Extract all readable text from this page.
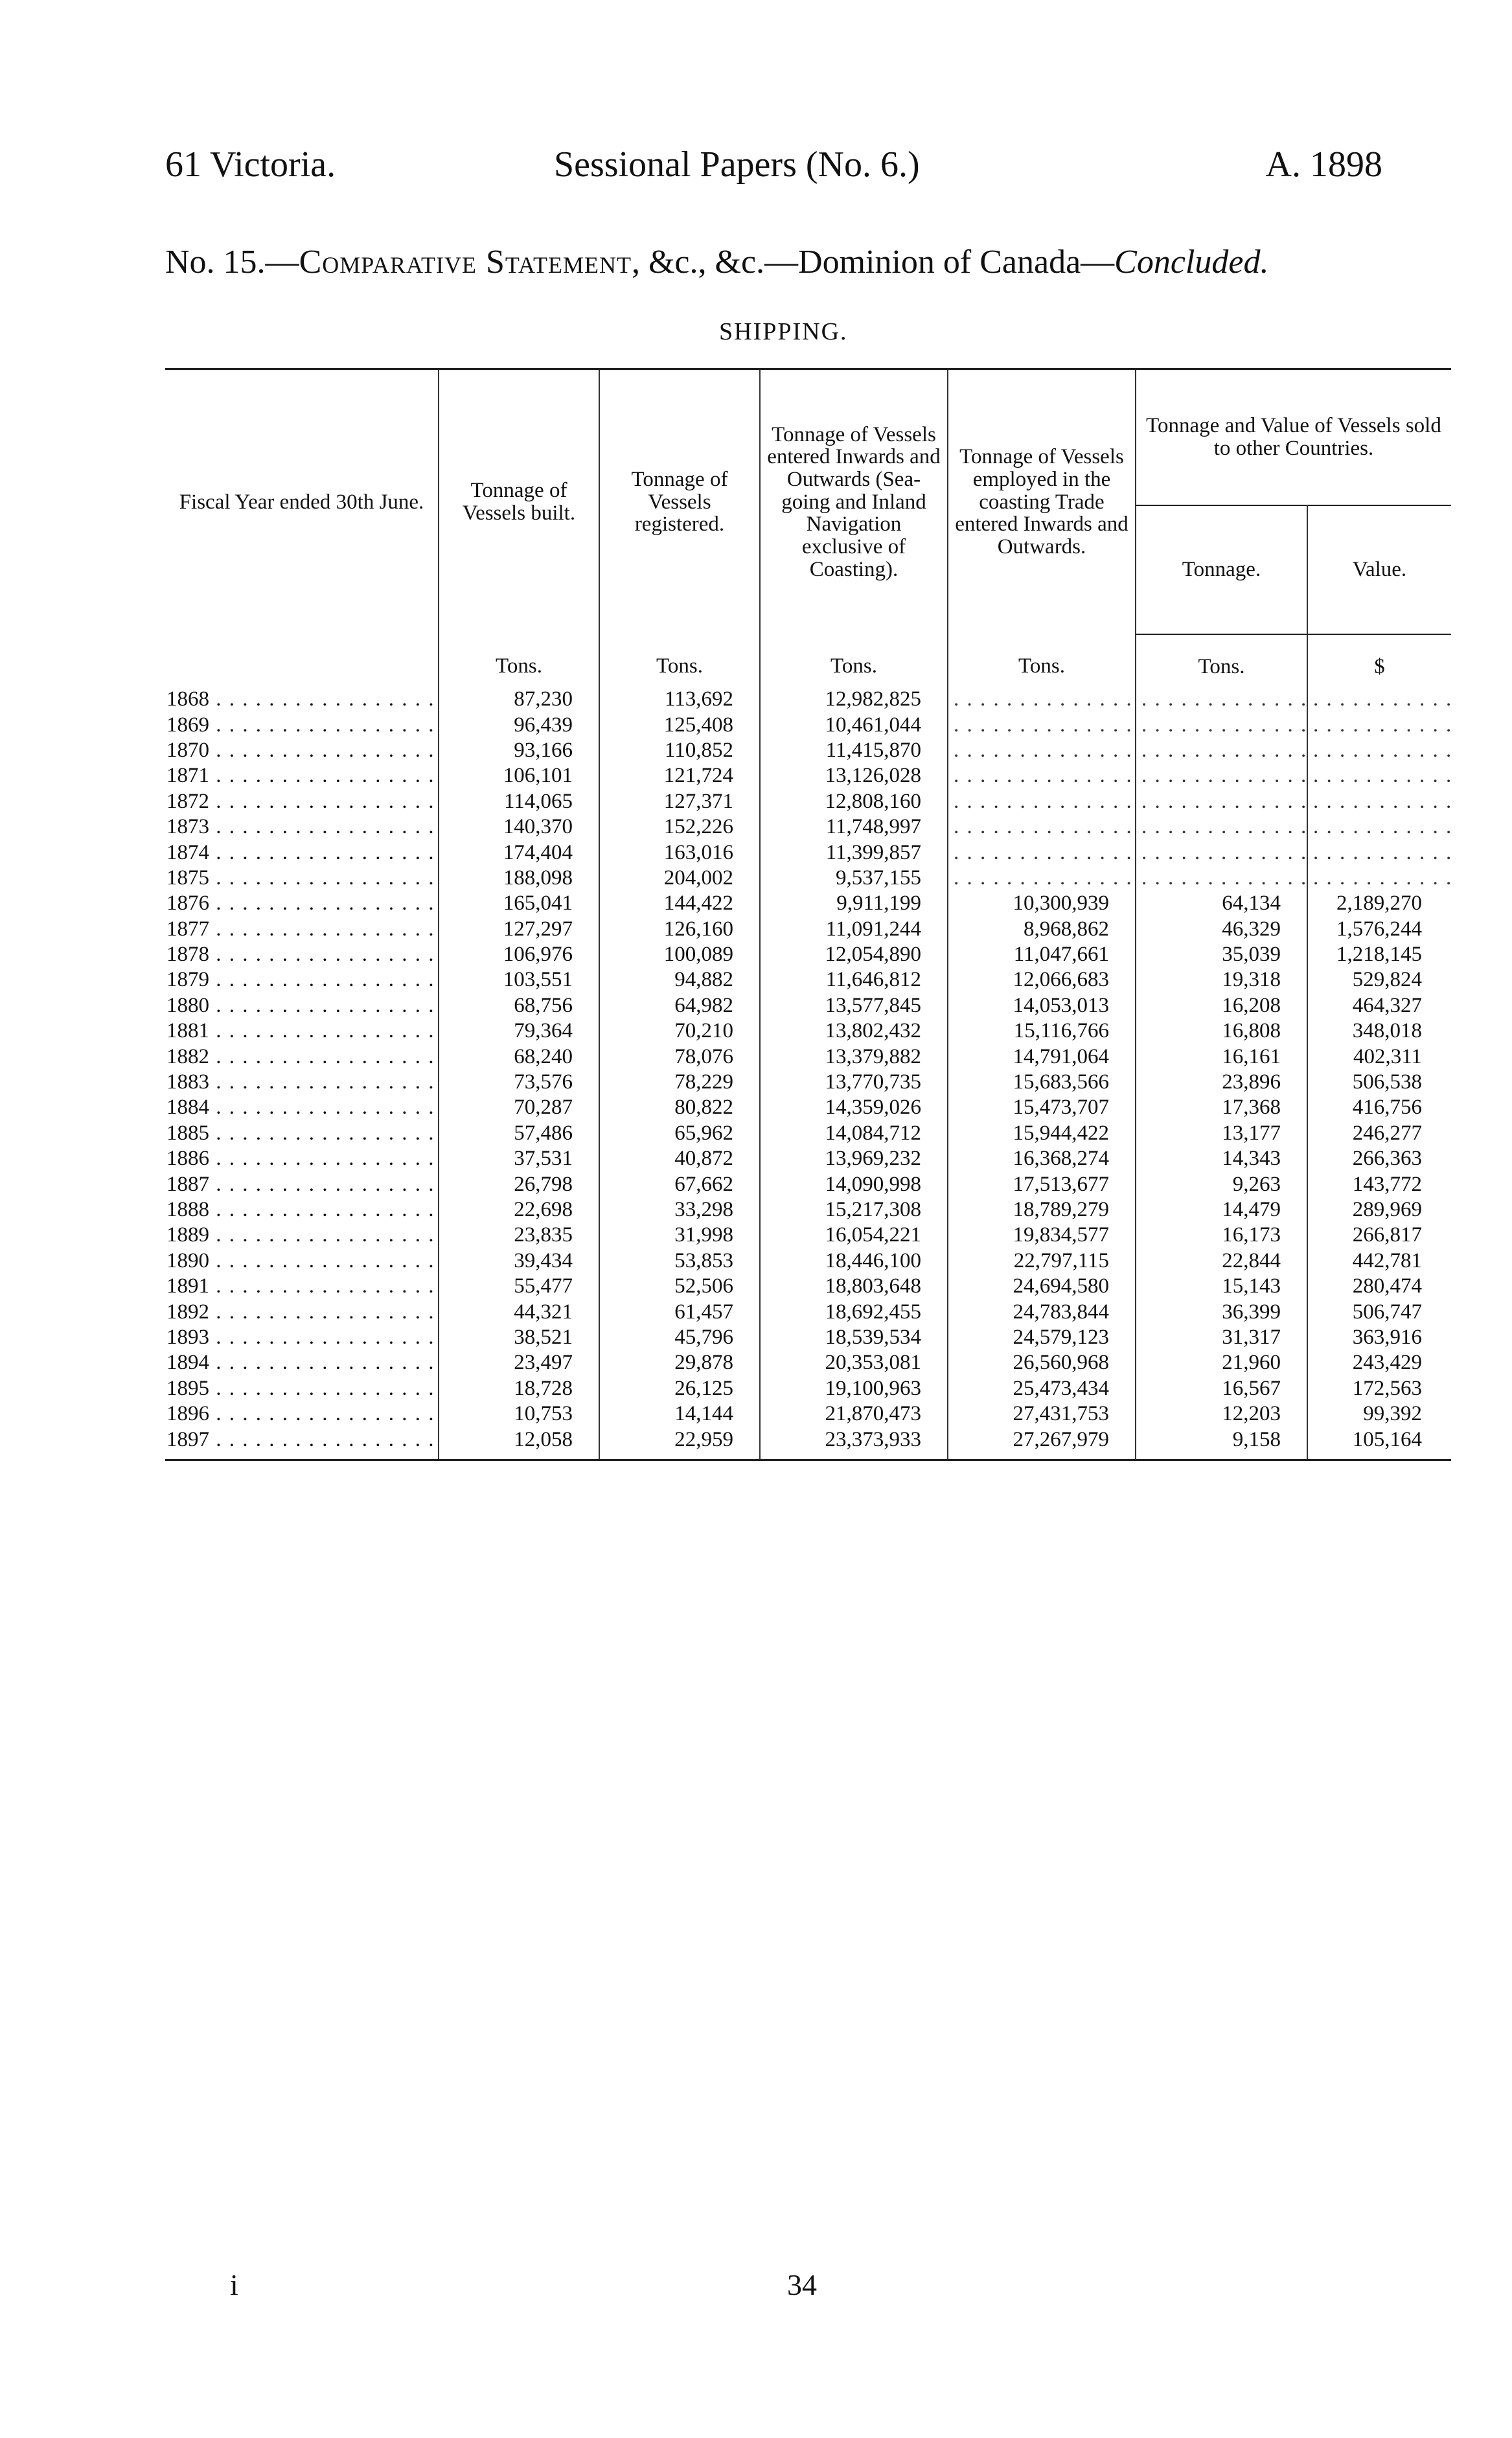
61 Victoria.	Sessional Papers (No. 6.)	A. 1898
No. 15.—Comparative Statement, &c., &c.—Dominion of Canada—Concluded.
SHIPPING.

Fiscal Year ended 30th June.	Tonnage of Vessels built.	Tonnage of Vessels registered.	Tonnage of Vessels entered Inwards and Outwards (Sea-going and Inland Navigation exclusive of Coasting).	Tonnage of Vessels employed in the coasting Trade entered Inwards and Outwards.	Tonnage and Value of Vessels sold to other Countries.	
					Tonnage.	Value.
	Tons.	Tons.	Tons.	Tons.	Tons.	$
1868 . . .	87,230	113,692	12,982,825	. . .	. . .	. . .
1869 . . .	96,439	125,408	10,461,044	. . .	. . .	. . .
1870 . . .	93,166	110,852	11,415,870	. . .	. . .	. . .
1871 . . .	106,101	121,724	13,126,028	. . .	. . .	. . .
1872 . . .	114,065	127,371	12,808,160	. . .	. . .	. . .
1873 . . .	140,370	152,226	11,748,997	. . .	. . .	. . .
1874 . . .	174,404	163,016	11,399,857	. . .	. . .	. . .
1875 . . .	188,098	204,002	9,537,155	. . .	. . .	. . .
1876 . . .	165,041	144,422	9,911,199	10,300,939	64,134	2,189,270
1877 . . .	127,297	126,160	11,091,244	8,968,862	46,329	1,576,244
1878 . . .	106,976	100,089	12,054,890	11,047,661	35,039	1,218,145
1879 . . .	103,551	94,882	11,646,812	12,066,683	19,318	529,824
1880 . . .	68,756	64,982	13,577,845	14,053,013	16,208	464,327
1881 . . .	79,364	70,210	13,802,432	15,116,766	16,808	348,018
1882 . . .	68,240	78,076	13,379,882	14,791,064	16,161	402,311
1883 . . .	73,576	78,229	13,770,735	15,683,566	23,896	506,538
1884 . . .	70,287	80,822	14,359,026	15,473,707	17,368	416,756
1885 . . .	57,486	65,962	14,084,712	15,944,422	13,177	246,277
1886 . . .	37,531	40,872	13,969,232	16,368,274	14,343	266,363
1887 . . .	26,798	67,662	14,090,998	17,513,677	9,263	143,772
1888 . . .	22,698	33,298	15,217,308	18,789,279	14,479	289,969
1889 . . .	23,835	31,998	16,054,221	19,834,577	16,173	266,817
1890 . . .	39,434	53,853	18,446,100	22,797,115	22,844	442,781
1891 . . .	55,477	52,506	18,803,648	24,694,580	15,143	280,474
1892 . . .	44,321	61,457	18,692,455	24,783,844	36,399	506,747
1893 . . .	38,521	45,796	18,539,534	24,579,123	31,317	363,916
1894 . . .	23,497	29,878	20,353,081	26,560,968	21,960	243,429
1895 . . .	18,728	26,125	19,100,963	25,473,434	16,567	172,563
1896 . . .	10,753	14,144	21,870,473	27,431,753	12,203	99,392
1897 . . .	12,058	22,959	23,373,933	27,267,979	9,158	105,164

i	34
